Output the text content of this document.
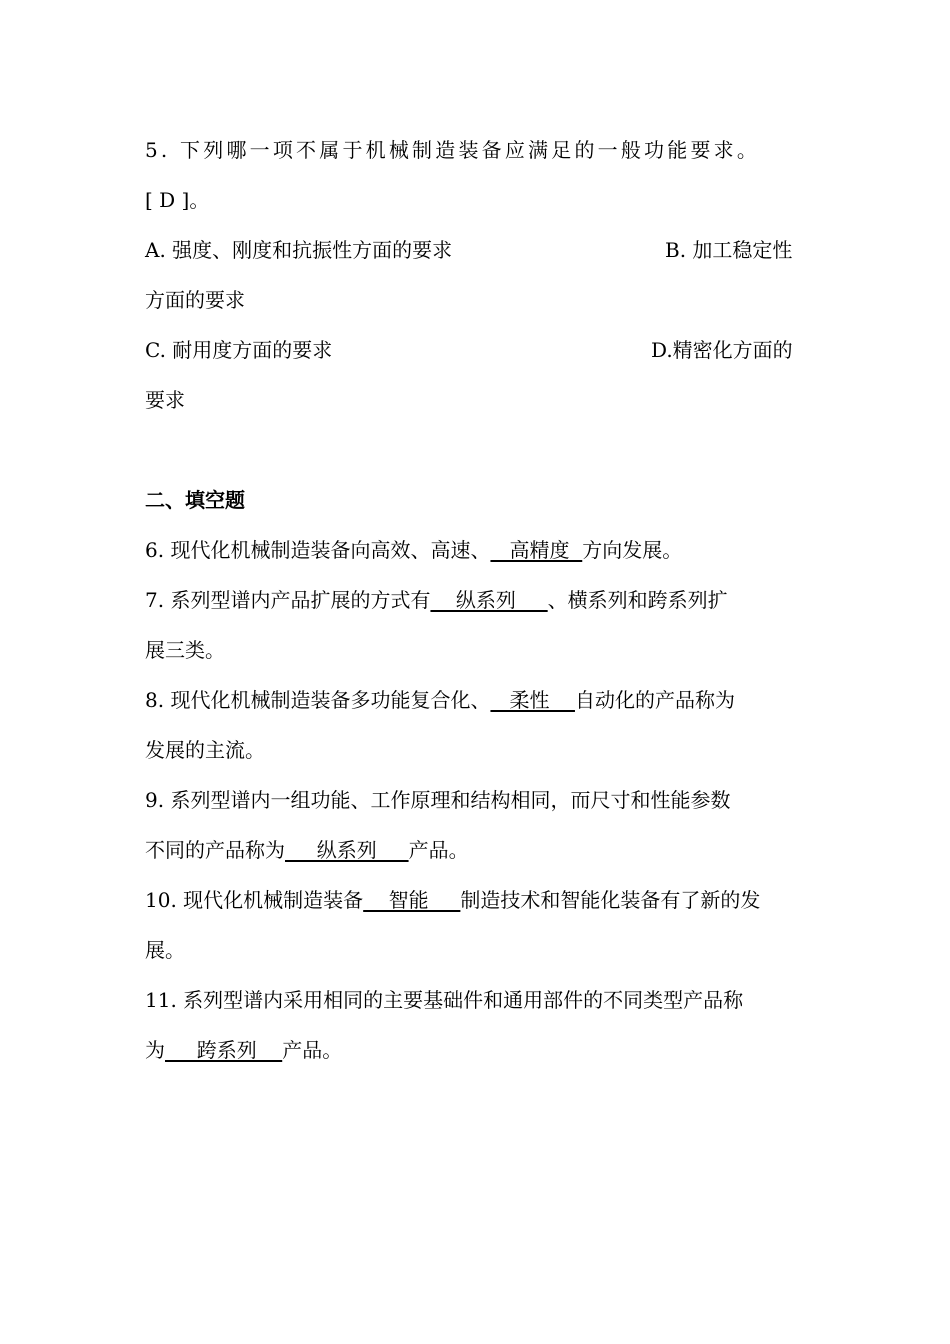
5. 下列哪一项不属于机械制造装备应满足的一般功能要求。
[ D ]。
A. 强度、刚度和抗振性方面的要求	B. 加工稳定性
方面的要求
C. 耐用度方面的要求	D.精密化方面的
要求
二、填空题
6. 现代化机械制造装备向高效、高速、   高精度  方向发展。
7. 系列型谱内产品扩展的方式有    纵系列     、横系列和跨系列扩
展三类。
8. 现代化机械制造装备多功能复合化、   柔性    自动化的产品称为
发展的主流。
9. 系列型谱内一组功能、工作原理和结构相同，而尺寸和性能参数
不同的产品称为     纵系列     产品。
10. 现代化机械制造装备    智能     制造技术和智能化装备有了新的发
展。
11. 系列型谱内采用相同的主要基础件和通用部件的不同类型产品称
为     跨系列    产品。
